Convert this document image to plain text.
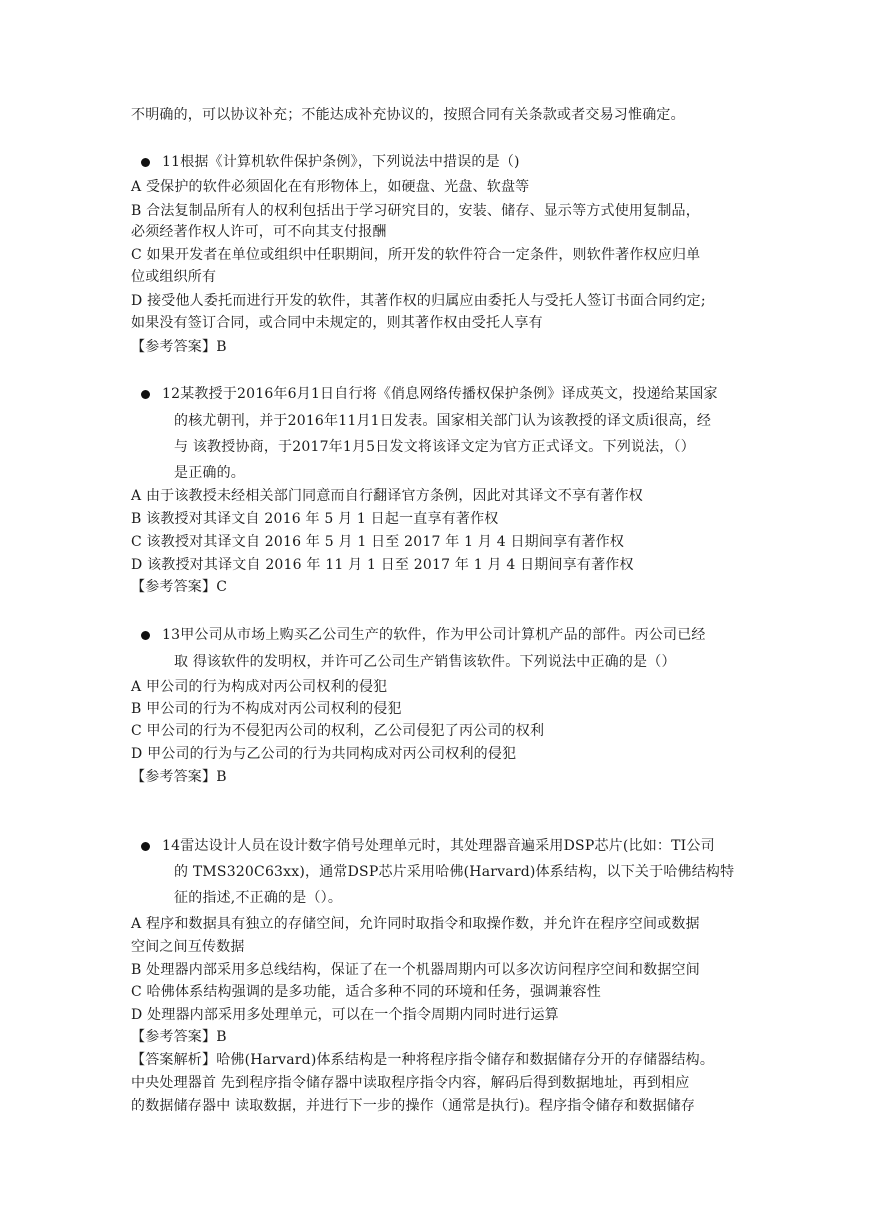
不明确的，可以协议补充；不能达成补充协议的，按照合同有关条款或者交易习惟确定。
11根据《计算机软件保护条例》，下列说法中措误的是（)
A 受保护的软件必须固化在有形物体上，如硬盘、光盘、软盘等
B 合法复制品所有人的权利包括出于学习研究目的，安装、储存、显示等方式使用复制品，
必须经著作权人许可，可不向其支付报酬
C 如果开发者在单位或组织中任职期间，所开发的软件符合一定条件，则软件著作权应归单
位或组织所有
D 接受他人委托而进行开发的软件，其著作权的归属应由委托人与受托人签订书面合同约定;
如果没有签订合同，或合同中未规定的，则其著作权由受托人享有
【参考答案】B
12某教授于2016年6月1日自行将《俏息网络传播权保护条例》译成英文，投递给某国家
的核尤朝刊，并于2016年11月1日发表。国家相关部门认为该教授的译文质i很高，经
与 该教授协商，于2017年1月5日发文将该译文定为官方正式译文。下列说法，（）
是正确的。
A 由于该教授未经相关部门同意而自行翻译官方条例，因此对其译文不享有著作权
B 该教授对其译文自 2016 年 5 月 1 日起一直享有著作权
C 该教授对其译文自 2016 年 5 月 1 日至 2017 年 1 月 4 日期间享有著作权
D 该教授对其译文自 2016 年 11 月 1 日至 2017 年 1 月 4 日期间享有著作权
【参考答案】C
13甲公司从市场上购买乙公司生产的软件，作为甲公司计算机产品的部件。丙公司已经
取 得该软件的发明权，并许可乙公司生产销售该软件。下列说法中正确的是（）
A 甲公司的行为构成对丙公司权利的侵犯
B 甲公司的行为不构成对丙公司权利的侵犯
C 甲公司的行为不侵犯丙公司的权利，乙公司侵犯了丙公司的权利
D 甲公司的行为与乙公司的行为共同构成对丙公司权利的侵犯
【参考答案】B
14雷达设计人员在设计数字俏号处理单元时，其处理器音遍采用DSP芯片(比如：TI公司
的 TMS320C63xx)，通常DSP芯片采用哈佛(Harvard)体系结构，以下关于哈佛结构特
征的指述,不正确的是（）。
A 程序和数据具有独立的存储空间，允许同时取指令和取操作数，并允许在程序空间或数据
空间之间互传数据
B 处理器内部采用多总线结构，保证了在一个机器周期内可以多次访问程序空间和数据空间
C 哈佛体系结构强调的是多功能，适合多种不同的环境和任务，强调兼容性
D 处理器内部采用多处理单元，可以在一个指令周期内同时进行运算
【参考答案】B
【答案解析】哈佛(Harvard)体系结构是一种将程序指令储存和数据储存分开的存储器结构。
中央处理器首 先到程序指令储存器中读取程序指令内容，解码后得到数据地址，再到相应
的数据储存器中 读取数据，并进行下一步的操作（通常是执行)。程序指令储存和数据储存
